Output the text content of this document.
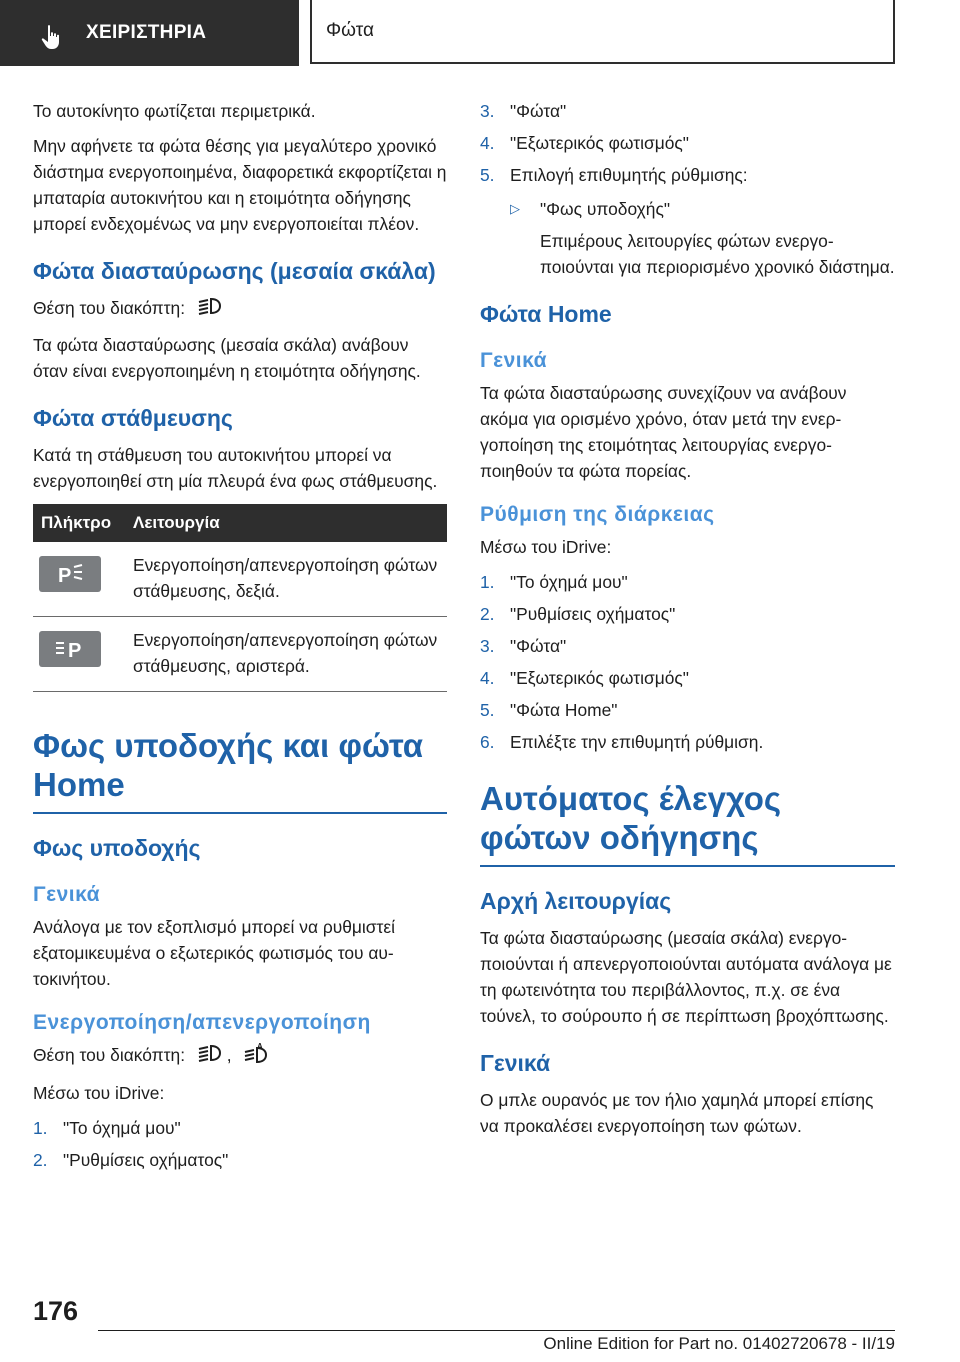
ΧΕΙΡΙΣΤΗΡΙΑ	Φώτα

Το αυτοκίνητο φωτίζεται περιμετρικά.

Μην αφήνετε τα φώτα θέσης για μεγαλύτερο χρονικό διάστημα ενεργοποιημένα, διαφορετικά εκφορτίζεται η μπαταρία αυτοκινήτου και η ετοιμότητα οδήγησης μπορεί ενδεχομένως να μην ενεργοποιείται πλέον.

Φώτα διασταύρωσης (μεσαία σκάλα)

Θέση του διακόπτη:

Τα φώτα διασταύρωσης (μεσαία σκάλα) ανάβουν όταν είναι ενεργοποιημένη η ετοιμότητα οδήγησης.

Φώτα στάθμευσης

Κατά τη στάθμευση του αυτοκινήτου μπορεί να ενεργοποιηθεί στη μία πλευρά ένα φως στάθμευσης.

Πλήκτρο	Λειτουργία

P	Ενεργοποίηση/απενεργοποίηση φώτων στάθμευσης, δεξιά.

P	Ενεργοποίηση/απενεργοποίηση φώτων στάθμευσης, αριστερά.
Φως υποδοχής και φώτα Home
Φως υποδοχής
Γενικά

Ανάλογα με τον εξοπλισμό μπορεί να ρυθμιστεί εξατομικευμένα ο εξωτερικός φωτισμός του αυτοκινήτου.

Ενεργοποίηση/απενεργοποίηση

Θέση του διακόπτη: ,	A

Μέσω του iDrive:

1. "Το όχημά μου"
2. "Ρυθμίσεις οχήματος"
3. "Φώτα"
4. "Εξωτερικός φωτισμός"
5. Επιλογή επιθυμητής ρύθμισης:
▷ "Φως υποδοχής"

Επιμέρους λειτουργίες φώτων ενεργοποιούνται για περιορισμένο χρονικό διάστημα.

Φώτα Home
Γενικά

Τα φώτα διασταύρωσης συνεχίζουν να ανάβουν ακόμα για ορισμένο χρόνο, όταν μετά την ενεργοποίηση της ετοιμότητας λειτουργίας ενεργοποιηθούν τα φώτα πορείας.

Ρύθμιση της διάρκειας

Μέσω του iDrive:

1. "Το όχημά μου"
2. "Ρυθμίσεις οχήματος"
3. "Φώτα"
4. "Εξωτερικός φωτισμός"
5. "Φώτα Home"
6. Επιλέξτε την επιθυμητή ρύθμιση.
Αυτόματος έλεγχος φώτων οδήγησης
Αρχή λειτουργίας

Τα φώτα διασταύρωσης (μεσαία σκάλα) ενεργοποιούνται ή απενεργοποιούνται αυτόματα ανάλογα με τη φωτεινότητα του περιβάλλοντος, π.χ. σε ένα τούνελ, το σούρουπο ή σε περίπτωση βροχόπτωσης.

Γενικά

Ο μπλε ουρανός με τον ήλιο χαμηλά μπορεί επίσης να προκαλέσει ενεργοποίηση των φώτων.

176
Online Edition for Part no. 01402720678 - II/19
